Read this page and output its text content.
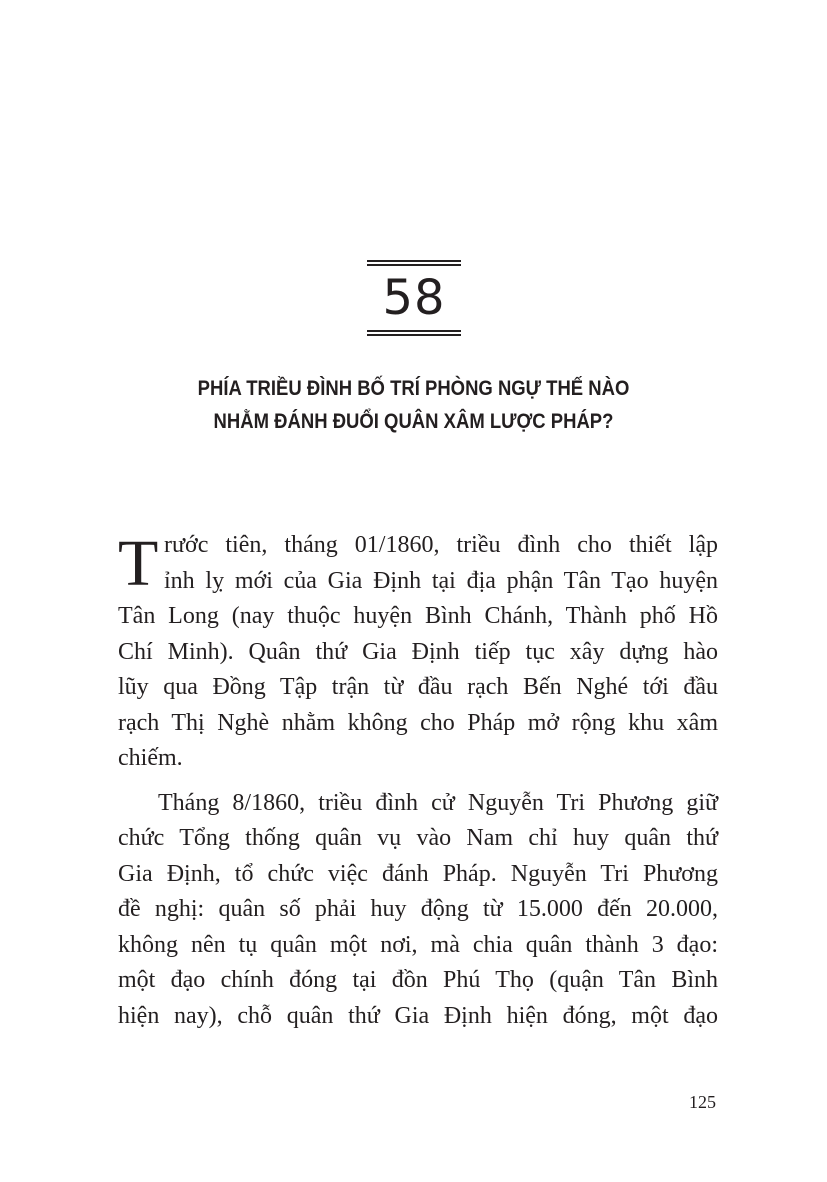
58
PHÍA TRIỀU ĐÌNH BỐ TRÍ PHÒNG NGỰ THẾ NÀO
NHẰM ĐÁNH ĐUỔI QUÂN XÂM LƯỢC PHÁP?
T rước tiên, tháng 01/1860, triều đình cho thiết lập
ỉnh lỵ mới của Gia Định tại địa phận Tân Tạo huyện
Tân Long (nay thuộc huyện Bình Chánh, Thành phố Hồ
Chí Minh). Quân thứ Gia Định tiếp tục xây dựng hào
lũy qua Đồng Tập trận từ đầu rạch Bến Nghé tới đầu
rạch Thị Nghè nhằm không cho Pháp mở rộng khu xâm
chiếm.
Tháng 8/1860, triều đình cử Nguyễn Tri Phương giữ
chức Tổng thống quân vụ vào Nam chỉ huy quân thứ
Gia Định, tổ chức việc đánh Pháp. Nguyễn Tri Phương
đề nghị: quân số phải huy động từ 15.000 đến 20.000,
không nên tụ quân một nơi, mà chia quân thành 3 đạo:
một đạo chính đóng tại đồn Phú Thọ (quận Tân Bình
hiện nay), chỗ quân thứ Gia Định hiện đóng, một đạo
125
